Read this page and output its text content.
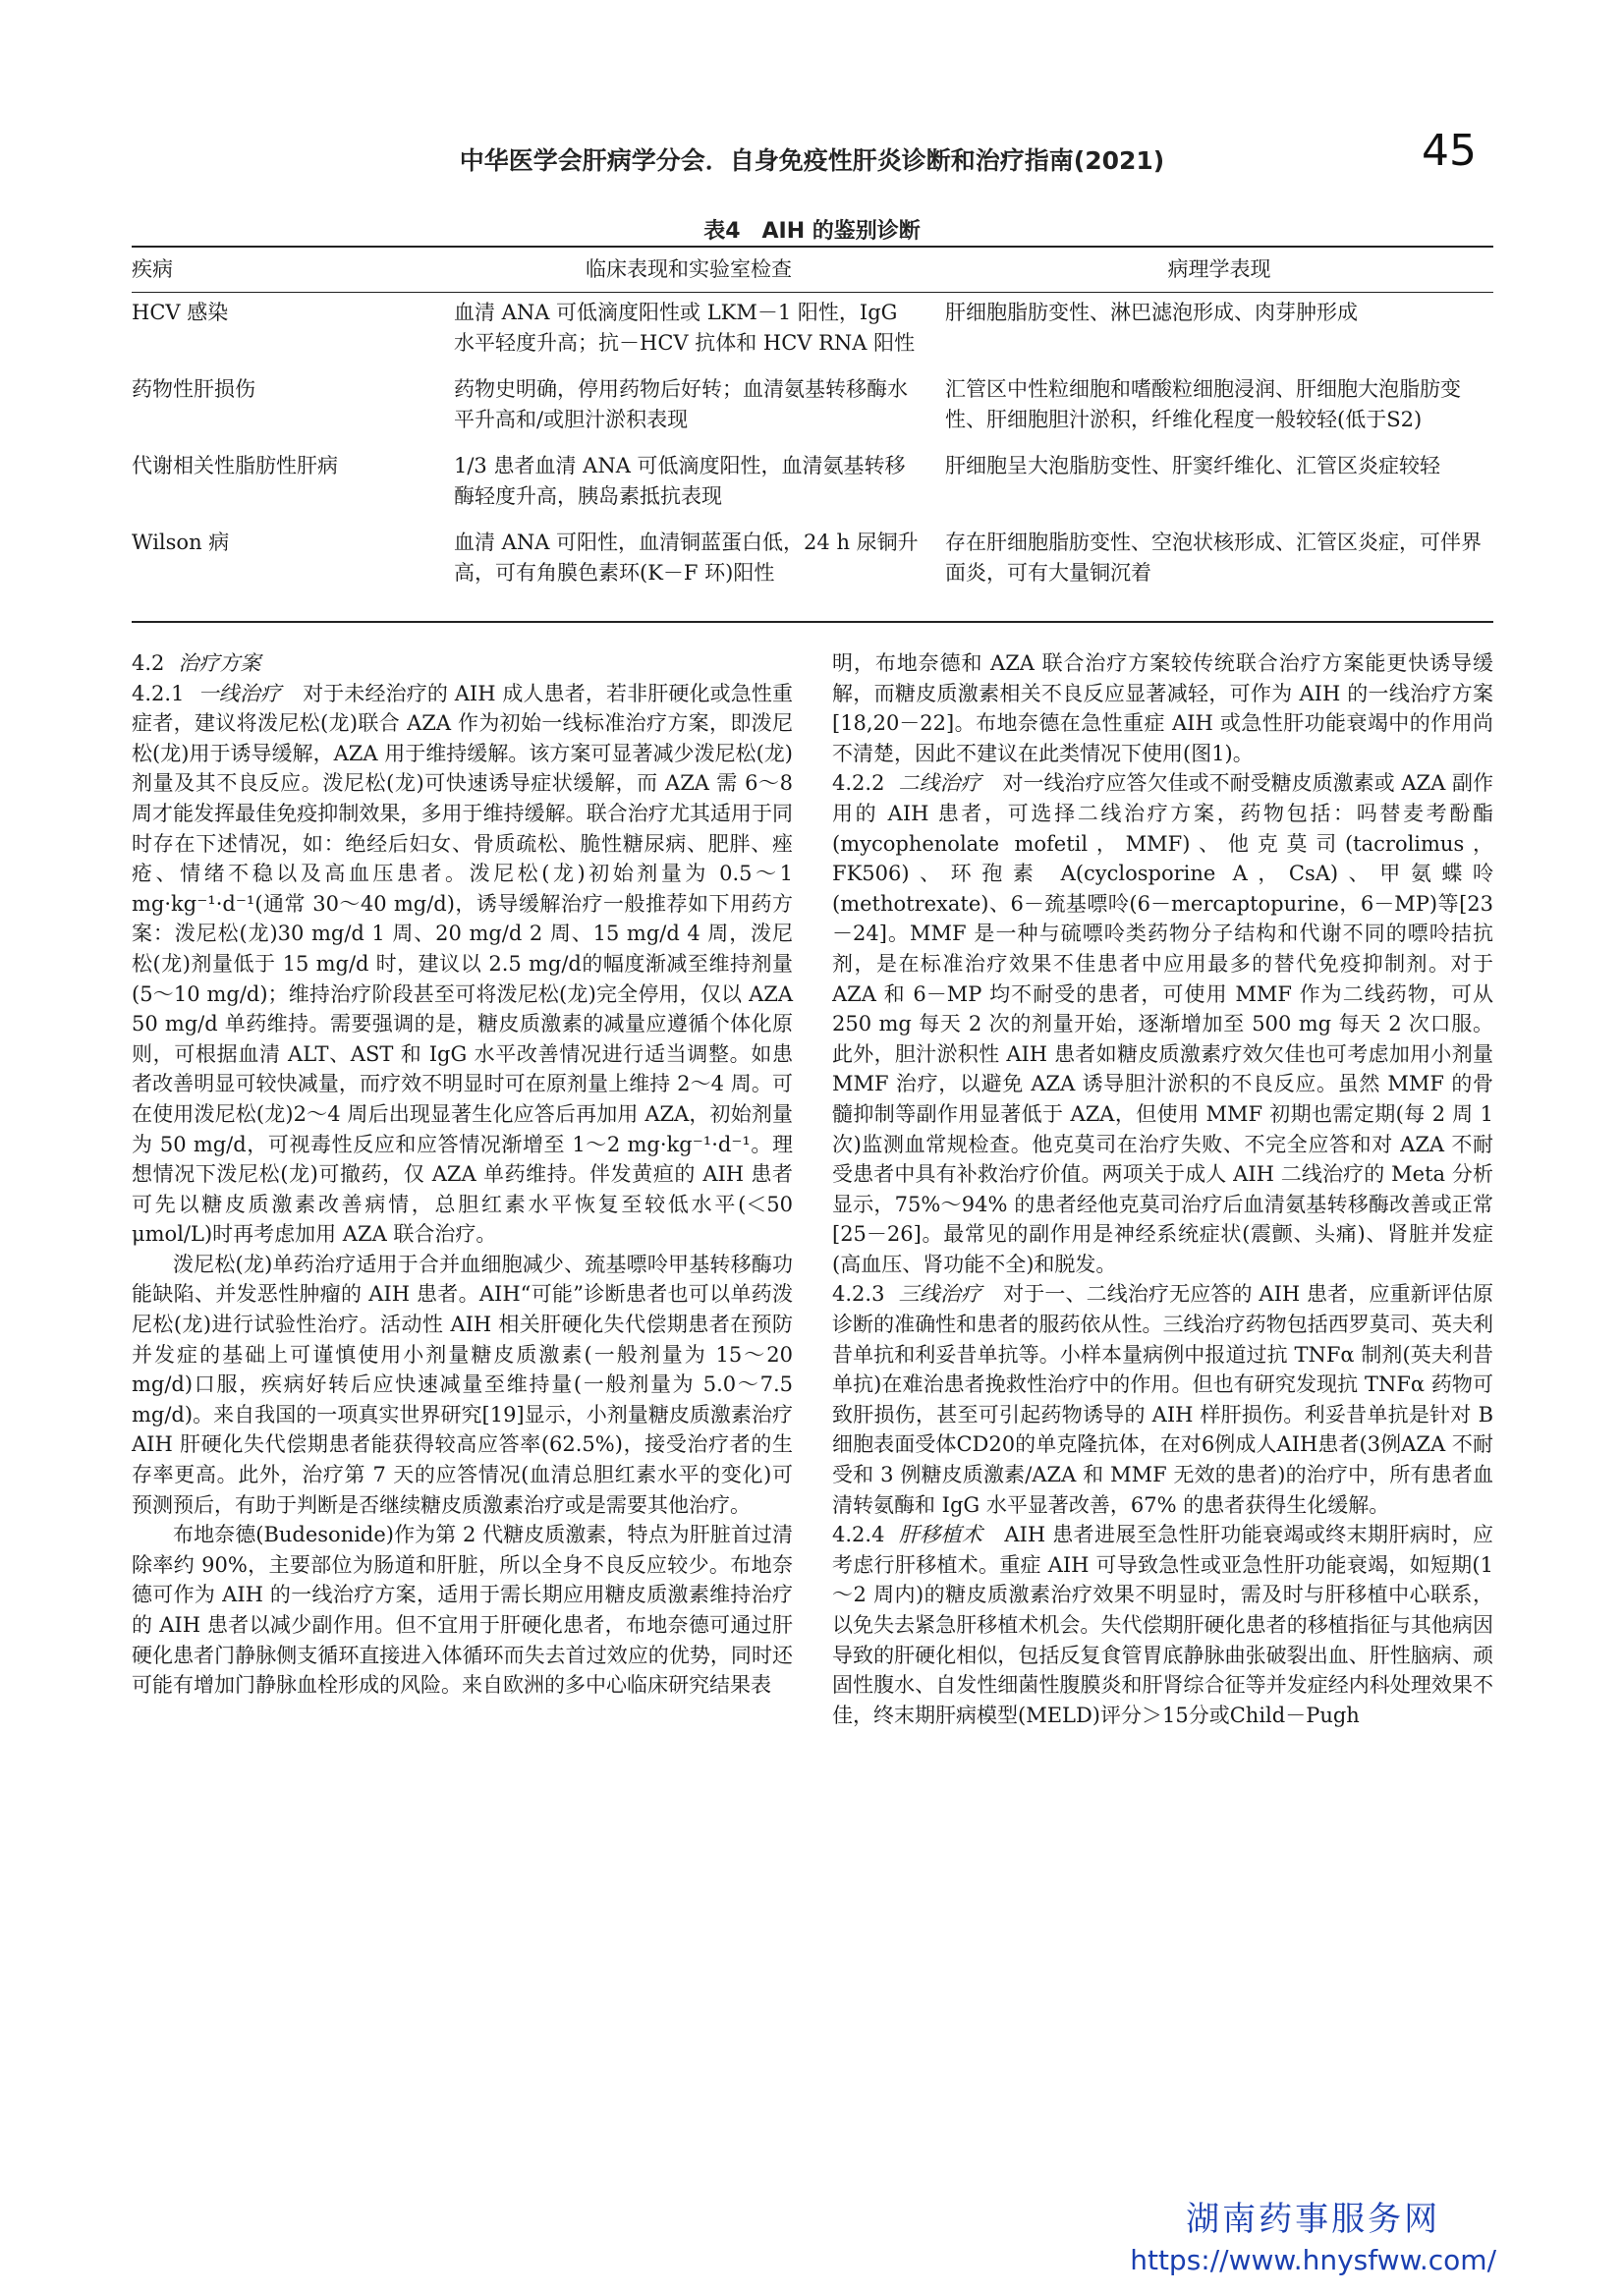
中华医学会肝病学分会．自身免疫性肝炎诊断和治疗指南(2021)	45
表4　AIH 的鉴别诊断
疾病	临床表现和实验室检查	病理学表现
HCV 感染	血清 ANA 可低滴度阳性或 LKM－1 阳性，IgG 水平轻度升高；抗－HCV 抗体和 HCV RNA 阳性	肝细胞脂肪变性、淋巴滤泡形成、肉芽肿形成
药物性肝损伤	药物史明确，停用药物后好转；血清氨基转移酶水平升高和/或胆汁淤积表现	汇管区中性粒细胞和嗜酸粒细胞浸润、肝细胞大泡脂肪变性、肝细胞胆汁淤积，纤维化程度一般较轻(低于S2)
代谢相关性脂肪性肝病	1/3 患者血清 ANA 可低滴度阳性，血清氨基转移酶轻度升高，胰岛素抵抗表现	肝细胞呈大泡脂肪变性、肝窦纤维化、汇管区炎症较轻
Wilson 病	血清 ANA 可阳性，血清铜蓝蛋白低，24 h 尿铜升高，可有角膜色素环(K－F 环)阳性	存在肝细胞脂肪变性、空泡状核形成、汇管区炎症，可伴界面炎，可有大量铜沉着
4.2 治疗方案

4.2.1 一线治疗 对于未经治疗的 AIH 成人患者，若非肝硬化或急性重症者，建议将泼尼松(龙)联合 AZA 作为初始一线标准治疗方案，即泼尼松(龙)用于诱导缓解，AZA 用于维持缓解。该方案可显著减少泼尼松(龙)剂量及其不良反应。泼尼松(龙)可快速诱导症状缓解，而 AZA 需 6～8 周才能发挥最佳免疫抑制效果，多用于维持缓解。联合治疗尤其适用于同时存在下述情况，如：绝经后妇女、骨质疏松、脆性糖尿病、肥胖、痤疮、情绪不稳以及高血压患者。泼尼松(龙)初始剂量为 0.5～1 mg·kg⁻¹·d⁻¹(通常 30～40 mg/d)，诱导缓解治疗一般推荐如下用药方案：泼尼松(龙)30 mg/d 1 周、20 mg/d 2 周、15 mg/d 4 周，泼尼松(龙)剂量低于 15 mg/d 时，建议以 2.5 mg/d的幅度渐减至维持剂量(5～10 mg/d)；维持治疗阶段甚至可将泼尼松(龙)完全停用，仅以 AZA 50 mg/d 单药维持。需要强调的是，糖皮质激素的减量应遵循个体化原则，可根据血清 ALT、AST 和 IgG 水平改善情况进行适当调整。如患者改善明显可较快减量，而疗效不明显时可在原剂量上维持 2～4 周。可在使用泼尼松(龙)2～4 周后出现显著生化应答后再加用 AZA，初始剂量为 50 mg/d，可视毒性反应和应答情况渐增至 1～2 mg·kg⁻¹·d⁻¹。理想情况下泼尼松(龙)可撤药，仅 AZA 单药维持。伴发黄疸的 AIH 患者可先以糖皮质激素改善病情，总胆红素水平恢复至较低水平(＜50 μmol/L)时再考虑加用 AZA 联合治疗。

泼尼松(龙)单药治疗适用于合并血细胞减少、巯基嘌呤甲基转移酶功能缺陷、并发恶性肿瘤的 AIH 患者。AIH“可能”诊断患者也可以单药泼尼松(龙)进行试验性治疗。活动性 AIH 相关肝硬化失代偿期患者在预防并发症的基础上可谨慎使用小剂量糖皮质激素(一般剂量为 15～20 mg/d)口服，疾病好转后应快速减量至维持量(一般剂量为 5.0～7.5 mg/d)。来自我国的一项真实世界研究[19]显示，小剂量糖皮质激素治疗 AIH 肝硬化失代偿期患者能获得较高应答率(62.5%)，接受治疗者的生存率更高。此外，治疗第 7 天的应答情况(血清总胆红素水平的变化)可预测预后，有助于判断是否继续糖皮质激素治疗或是需要其他治疗。

布地奈德(Budesonide)作为第 2 代糖皮质激素，特点为肝脏首过清除率约 90%，主要部位为肠道和肝脏，所以全身不良反应较少。布地奈德可作为 AIH 的一线治疗方案，适用于需长期应用糖皮质激素维持治疗的 AIH 患者以减少副作用。但不宜用于肝硬化患者，布地奈德可通过肝硬化患者门静脉侧支循环直接进入体循环而失去首过效应的优势，同时还可能有增加门静脉血栓形成的风险。来自欧洲的多中心临床研究结果表

明，布地奈德和 AZA 联合治疗方案较传统联合治疗方案能更快诱导缓解，而糖皮质激素相关不良反应显著减轻，可作为 AIH 的一线治疗方案[18,20－22]。布地奈德在急性重症 AIH 或急性肝功能衰竭中的作用尚不清楚，因此不建议在此类情况下使用(图1)。

4.2.2 二线治疗 对一线治疗应答欠佳或不耐受糖皮质激素或 AZA 副作用的 AIH 患者，可选择二线治疗方案，药物包括：吗替麦考酚酯(mycophenolate mofetil，MMF)、他克莫司(tacrolimus，FK506)、环孢素 A(cyclosporine A，CsA)、甲氨蝶呤(methotrexate)、6－巯基嘌呤(6－mercaptopurine，6－MP)等[23－24]。MMF 是一种与硫嘌呤类药物分子结构和代谢不同的嘌呤拮抗剂，是在标准治疗效果不佳患者中应用最多的替代免疫抑制剂。对于 AZA 和 6－MP 均不耐受的患者，可使用 MMF 作为二线药物，可从 250 mg 每天 2 次的剂量开始，逐渐增加至 500 mg 每天 2 次口服。此外，胆汁淤积性 AIH 患者如糖皮质激素疗效欠佳也可考虑加用小剂量 MMF 治疗，以避免 AZA 诱导胆汁淤积的不良反应。虽然 MMF 的骨髓抑制等副作用显著低于 AZA，但使用 MMF 初期也需定期(每 2 周 1 次)监测血常规检查。他克莫司在治疗失败、不完全应答和对 AZA 不耐受患者中具有补救治疗价值。两项关于成人 AIH 二线治疗的 Meta 分析显示，75%～94% 的患者经他克莫司治疗后血清氨基转移酶改善或正常[25－26]。最常见的副作用是神经系统症状(震颤、头痛)、肾脏并发症(高血压、肾功能不全)和脱发。

4.2.3 三线治疗 对于一、二线治疗无应答的 AIH 患者，应重新评估原诊断的准确性和患者的服药依从性。三线治疗药物包括西罗莫司、英夫利昔单抗和利妥昔单抗等。小样本量病例中报道过抗 TNFα 制剂(英夫利昔单抗)在难治患者挽救性治疗中的作用。但也有研究发现抗 TNFα 药物可致肝损伤，甚至可引起药物诱导的 AIH 样肝损伤。利妥昔单抗是针对 B 细胞表面受体CD20的单克隆抗体，在对6例成人AIH患者(3例AZA 不耐受和 3 例糖皮质激素/AZA 和 MMF 无效的患者)的治疗中，所有患者血清转氨酶和 IgG 水平显著改善，67% 的患者获得生化缓解。

4.2.4 肝移植术 AIH 患者进展至急性肝功能衰竭或终末期肝病时，应考虑行肝移植术。重症 AIH 可导致急性或亚急性肝功能衰竭，如短期(1～2 周内)的糖皮质激素治疗效果不明显时，需及时与肝移植中心联系，以免失去紧急肝移植术机会。失代偿期肝硬化患者的移植指征与其他病因导致的肝硬化相似，包括反复食管胃底静脉曲张破裂出血、肝性脑病、顽固性腹水、自发性细菌性腹膜炎和肝肾综合征等并发症经内科处理效果不佳，终末期肝病模型(MELD)评分＞15分或Child－Pugh

湖南药事服务网
https://www.hnysfww.com/
